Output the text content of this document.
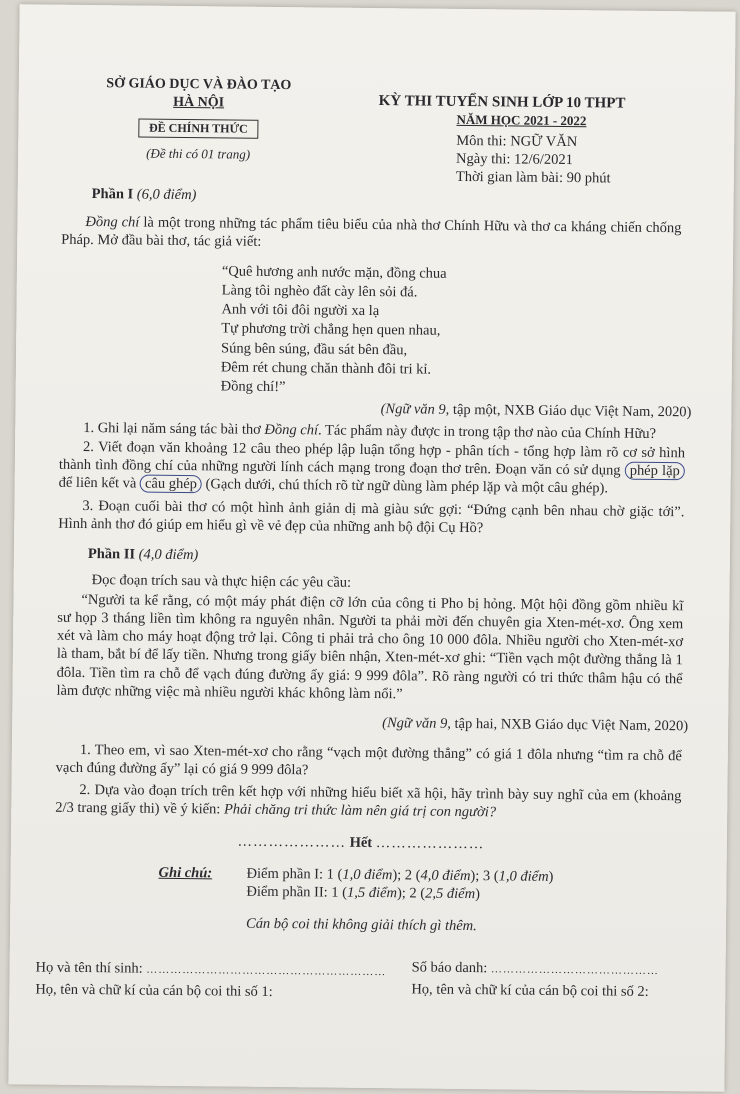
SỞ GIÁO DỤC VÀ ĐÀO TẠO
HÀ NỘI
ĐỀ CHÍNH THỨC
(Đề thi có 01 trang)
KỲ THI TUYỂN SINH LỚP 10 THPT
NĂM HỌC 2021 - 2022
Môn thi: NGỮ VĂN
Ngày thi: 12/6/2021
Thời gian làm bài: 90 phút
Phần I (6,0 điểm)
Đồng chí là một trong những tác phẩm tiêu biểu của nhà thơ Chính Hữu và thơ ca kháng chiến chống Pháp. Mở đầu bài thơ, tác giả viết:
“Quê hương anh nước mặn, đồng chua
Làng tôi nghèo đất cày lên sỏi đá.
Anh với tôi đôi người xa lạ
Tự phương trời chẳng hẹn quen nhau,
Súng bên súng, đầu sát bên đầu,
Đêm rét chung chăn thành đôi tri kỉ.
Đồng chí!”
(Ngữ văn 9, tập một, NXB Giáo dục Việt Nam, 2020)
1. Ghi lại năm sáng tác bài thơ Đồng chí. Tác phẩm này được in trong tập thơ nào của Chính Hữu?
2. Viết đoạn văn khoảng 12 câu theo phép lập luận tổng hợp - phân tích - tổng hợp làm rõ cơ sở hình thành tình đồng chí của những người lính cách mạng trong đoạn thơ trên. Đoạn văn có sử dụng phép lặp để liên kết và câu ghép (Gạch dưới, chú thích rõ từ ngữ dùng làm phép lặp và một câu ghép).
3. Đoạn cuối bài thơ có một hình ảnh giản dị mà giàu sức gợi: “Đứng cạnh bên nhau chờ giặc tới”. Hình ảnh thơ đó giúp em hiểu gì về vẻ đẹp của những anh bộ đội Cụ Hồ?
Phần II (4,0 điểm)
Đọc đoạn trích sau và thực hiện các yêu cầu:
“Người ta kể rằng, có một máy phát điện cỡ lớn của công ti Pho bị hỏng. Một hội đồng gồm nhiều kĩ sư họp 3 tháng liền tìm không ra nguyên nhân. Người ta phải mời đến chuyên gia Xten-mét-xơ. Ông xem xét và làm cho máy hoạt động trở lại. Công ti phải trả cho ông 10 000 đôla. Nhiều người cho Xten-mét-xơ là tham, bắt bí để lấy tiền. Nhưng trong giấy biên nhận, Xten-mét-xơ ghi: “Tiền vạch một đường thẳng là 1 đôla. Tiền tìm ra chỗ để vạch đúng đường ấy giá: 9 999 đôla”. Rõ ràng người có tri thức thâm hậu có thể làm được những việc mà nhiều người khác không làm nổi.”
(Ngữ văn 9, tập hai, NXB Giáo dục Việt Nam, 2020)
1. Theo em, vì sao Xten-mét-xơ cho rằng “vạch một đường thẳng” có giá 1 đôla nhưng “tìm ra chỗ để vạch đúng đường ấy” lại có giá 9 999 đôla?
2. Dựa vào đoạn trích trên kết hợp với những hiểu biết xã hội, hãy trình bày suy nghĩ của em (khoảng 2/3 trang giấy thi) về ý kiến: Phải chăng tri thức làm nên giá trị con người?
………………… Hết …………………
Ghi chú: Điểm phần I: 1 (1,0 điểm); 2 (4,0 điểm); 3 (1,0 điểm)
Điểm phần II: 1 (1,5 điểm); 2 (2,5 điểm)
Cán bộ coi thi không giải thích gì thêm.
Họ và tên thí sinh: …………………………………………………… Số báo danh: ……………………………………
Họ, tên và chữ kí của cán bộ coi thi số 1:	Họ, tên và chữ kí của cán bộ coi thi số 2:
